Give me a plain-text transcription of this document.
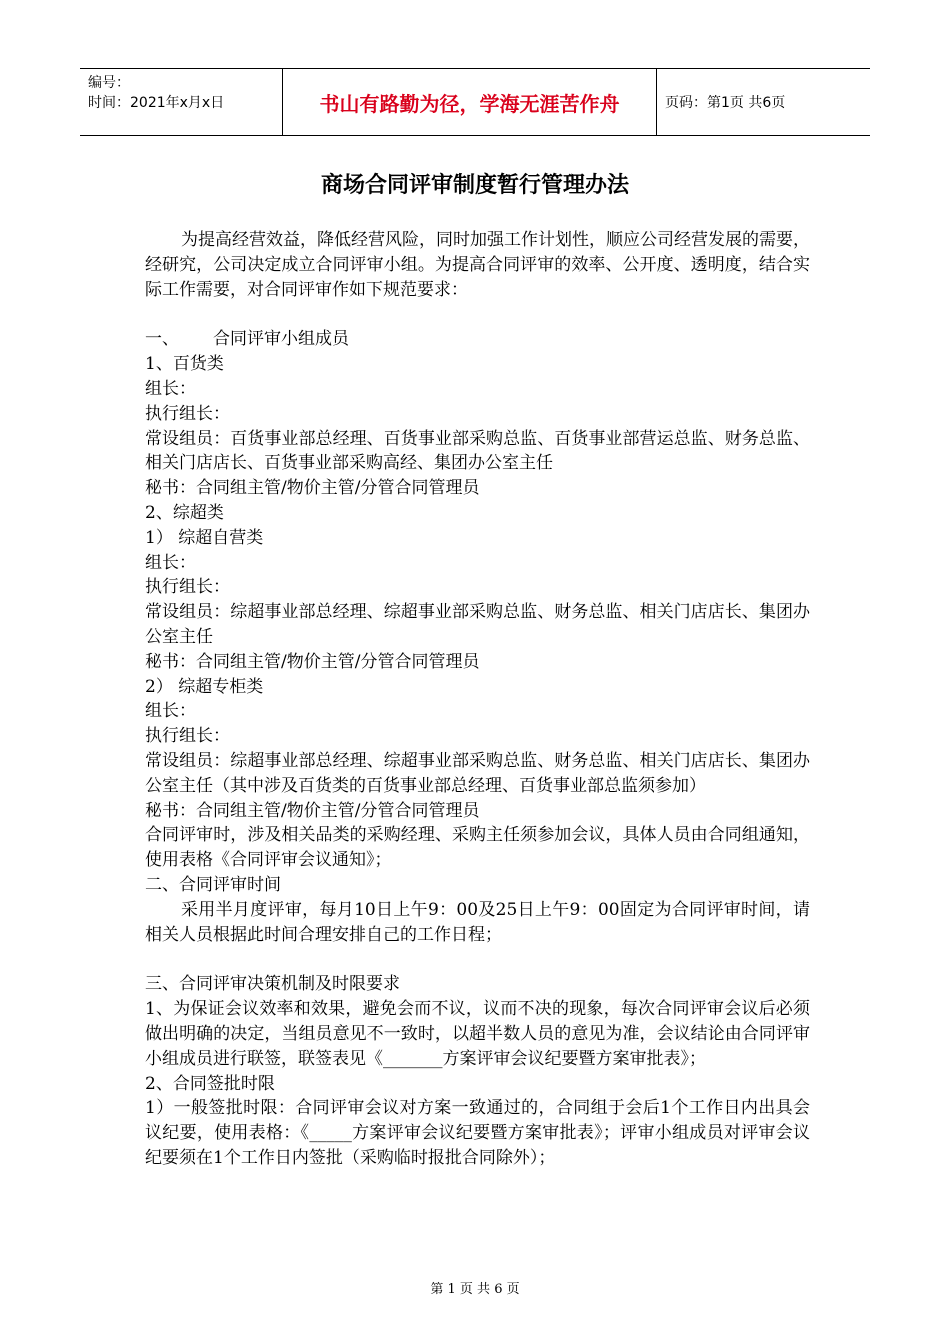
编号：
时间：2021年x月x日	书山有路勤为径，学海无涯苦作舟	页码：第1页 共6页
商场合同评审制度暂行管理办法

为提高经营效益，降低经营风险，同时加强工作计划性，顺应公司经营发展的需要，经研究，公司决定成立合同评审小组。为提高合同评审的效率、公开度、透明度，结合实际工作需要，对合同评审作如下规范要求：

一、 合同评审小组成员

1、百货类

组长：

执行组长：

常设组员：百货事业部总经理、百货事业部采购总监、百货事业部营运总监、财务总监、相关门店店长、百货事业部采购高经、集团办公室主任

秘书：合同组主管/物价主管/分管合同管理员

2、综超类

1） 综超自营类

组长：

执行组长：

常设组员：综超事业部总经理、综超事业部采购总监、财务总监、相关门店店长、集团办公室主任

秘书：合同组主管/物价主管/分管合同管理员

2） 综超专柜类

组长：

执行组长：

常设组员：综超事业部总经理、综超事业部采购总监、财务总监、相关门店店长、集团办公室主任（其中涉及百货类的百货事业部总经理、百货事业部总监须参加）

秘书：合同组主管/物价主管/分管合同管理员

合同评审时，涉及相关品类的采购经理、采购主任须参加会议，具体人员由合同组通知，使用表格《合同评审会议通知》；

二、合同评审时间

采用半月度评审，每月10日上午9：00及25日上午9：00固定为合同评审时间，请相关人员根据此时间合理安排自己的工作日程；

三、合同评审决策机制及时限要求

1、为保证会议效率和效果，避免会而不议，议而不决的现象，每次合同评审会议后必须做出明确的决定，当组员意见不一致时，以超半数人员的意见为准，会议结论由合同评审小组成员进行联签，联签表见《_______方案评审会议纪要暨方案审批表》；

2、合同签批时限

1）一般签批时限：合同评审会议对方案一致通过的，合同组于会后1个工作日内出具会议纪要，使用表格：《_____方案评审会议纪要暨方案审批表》；评审小组成员对评审会议纪要须在1个工作日内签批（采购临时报批合同除外）；

第 1 页 共 6 页
